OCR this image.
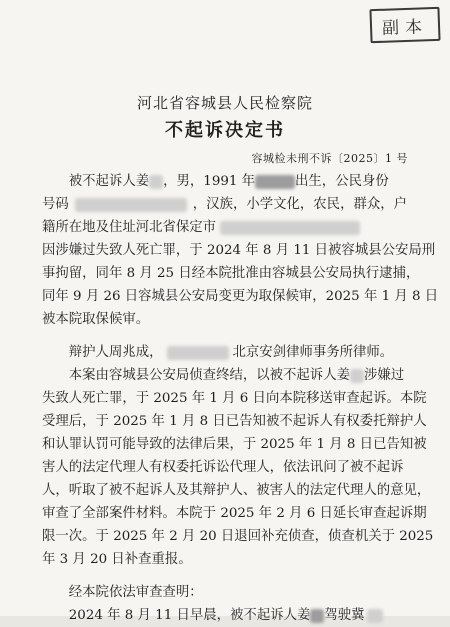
副本
河北省容城县人民检察院
不起诉决定书
容城检未刑不诉〔2025〕1 号
　　被不起诉人姜 ，男，1991 年	出生，公民身份
号码	，汉族，小学文化，农民，群众，户
籍所在地及住址河北省保定市
因涉嫌过失致人死亡罪，于 2024 年 8 月 11 日被容城县公安局刑
事拘留，同年 8 月 25 日经本院批准由容城县公安局执行逮捕，
同年 9 月 26 日容城县公安局变更为取保候审，2025 年 1 月 8 日
被本院取保候审。
　　辩护人周兆成，	北京安剑律师事务所律师。
　　本案由容城县公安局侦查终结，以被不起诉人姜 涉嫌过
失致人死亡罪，于 2025 年 1 月 6 日向本院移送审查起诉。本院
受理后，于 2025 年 1 月 8 日已告知被不起诉人有权委托辩护人
和认罪认罚可能导致的法律后果，于 2025 年 1 月 8 日已告知被
害人的法定代理人有权委托诉讼代理人，依法讯问了被不起诉
人，听取了被不起诉人及其辩护人、被害人的法定代理人的意见，
审查了全部案件材料。本院于 2025 年 2 月 6 日延长审查起诉期
限一次。于 2025 年 2 月 20 日退回补充侦查，侦查机关于 2025
年 3 月 20 日补查重报。
　　经本院依法审查查明：
　　2024 年 8 月 11 日早晨，被不起诉人姜 驾驶冀
